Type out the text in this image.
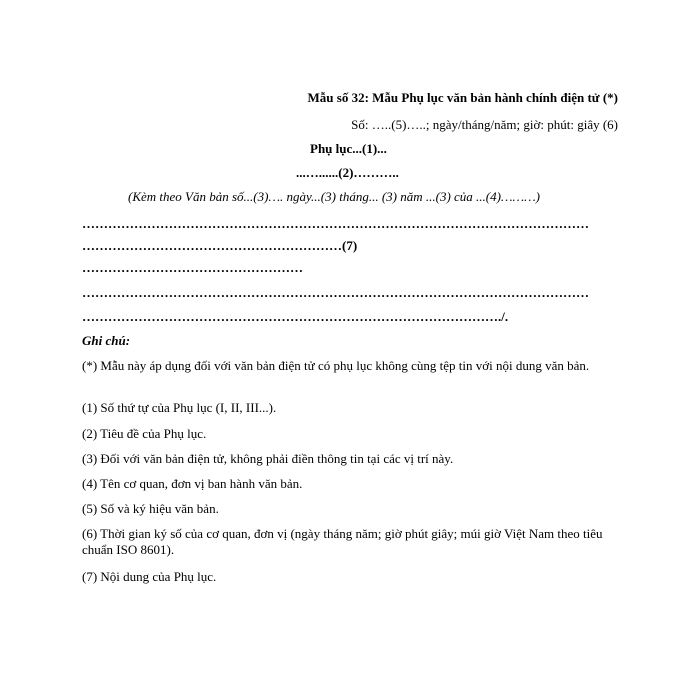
Mẫu số 32: Mẫu Phụ lục văn bản hành chính điện tử (*)
Số: …..(5)…..; ngày/tháng/năm; giờ: phút: giây (6)
Phụ lục...(1)...
...…......(2)………..
(Kèm theo Văn bản số...(3)…. ngày...(3) tháng... (3) năm ...(3) của ...(4)………)
………………………………………………………………………………………………………
……………………………………………………(7)
……………………………………………
………………………………………………………………………………………………………
……………………………………………………………………………………./.
Ghi chú:
(*) Mẫu này áp dụng đối với văn bản điện tử có phụ lục không cùng tệp tin với nội dung văn bản.
(1) Số thứ tự của Phụ lục (I, II, III...).
(2) Tiêu đề của Phụ lục.
(3) Đối với văn bản điện tử, không phải điền thông tin tại các vị trí này.
(4) Tên cơ quan, đơn vị ban hành văn bản.
(5) Số và ký hiệu văn bản.
(6) Thời gian ký số của cơ quan, đơn vị (ngày tháng năm; giờ phút giây; múi giờ Việt Nam theo tiêu chuẩn ISO 8601).
(7) Nội dung của Phụ lục.
